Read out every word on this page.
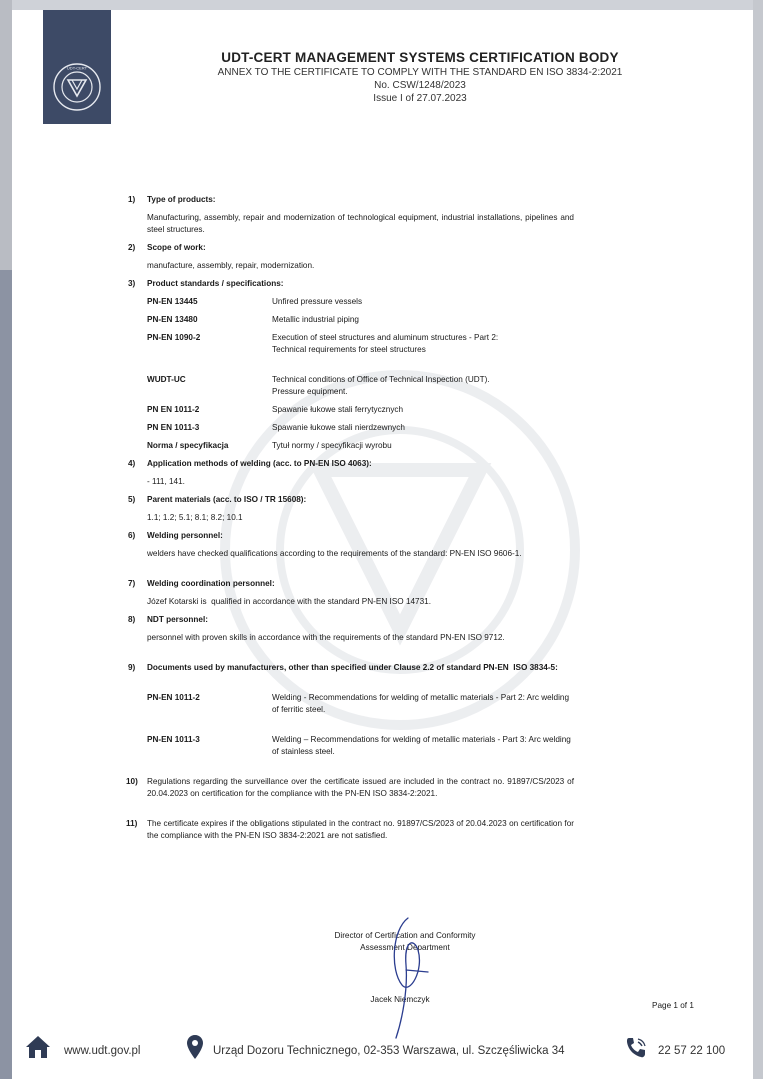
UDT-CERT
UDT-CERT MANAGEMENT SYSTEMS CERTIFICATION BODY
ANNEX TO THE CERTIFICATE TO COMPLY WITH THE STANDARD EN ISO 3834-2:2021
No. CSW/1248/2023
Issue I of 27.07.2023
1) Type of products:
Manufacturing, assembly, repair and modernization of technological equipment, industrial installations, pipelines and steel structures.
2) Scope of work:
manufacture, assembly, repair, modernization.
3) Product standards / specifications:
PN-EN 13445	Unfired pressure vessels
PN-EN 13480	Metallic industrial piping
PN-EN 1090-2	Execution of steel structures and aluminum structures - Part 2: Technical requirements for steel structures
WUDT-UC	Technical conditions of Office of Technical Inspection (UDT). Pressure equipment.
PN EN 1011-2	Spawanie łukowe stali ferrytycznych
PN EN 1011-3	Spawanie łukowe stali nierdzewnych
Norma / specyfikacja	Tytuł normy / specyfikacji wyrobu
4) Application methods of welding (acc. to PN-EN ISO 4063):
- 111, 141.
5) Parent materials (acc. to ISO / TR 15608):
1.1; 1.2; 5.1; 8.1; 8.2; 10.1
6) Welding personnel:
welders have checked qualifications according to the requirements of the standard: PN-EN ISO 9606-1.
7) Welding coordination personnel:
Józef Kotarski is  qualified in accordance with the standard PN-EN ISO 14731.
8) NDT personnel:
personnel with proven skills in accordance with the requirements of the standard PN-EN ISO 9712.
9) Documents used by manufacturers, other than specified under Clause 2.2 of standard PN-EN  ISO 3834-5:
PN-EN 1011-2	Welding - Recommendations for welding of metallic materials - Part 2: Arc welding of ferritic steel.
PN-EN 1011-3	Welding – Recommendations for welding of metallic materials - Part 3: Arc welding of stainless steel.
10) Regulations regarding the surveillance over the certificate issued are included in the contract no. 91897/CS/2023 of 20.04.2023 on certification for the compliance with the PN-EN ISO 3834-2:2021.
11) The certificate expires if the obligations stipulated in the contract no. 91897/CS/2023 of 20.04.2023 on certification for the compliance with the PN-EN ISO 3834-2:2021 are not satisfied.
Director of Certification and Conformity
Assessment Department
Jacek Niemczyk
Page 1 of 1
www.udt.gov.pl	Urząd Dozoru Technicznego, 02-353 Warszawa, ul. Szczęśliwicka 34	22 57 22 100
